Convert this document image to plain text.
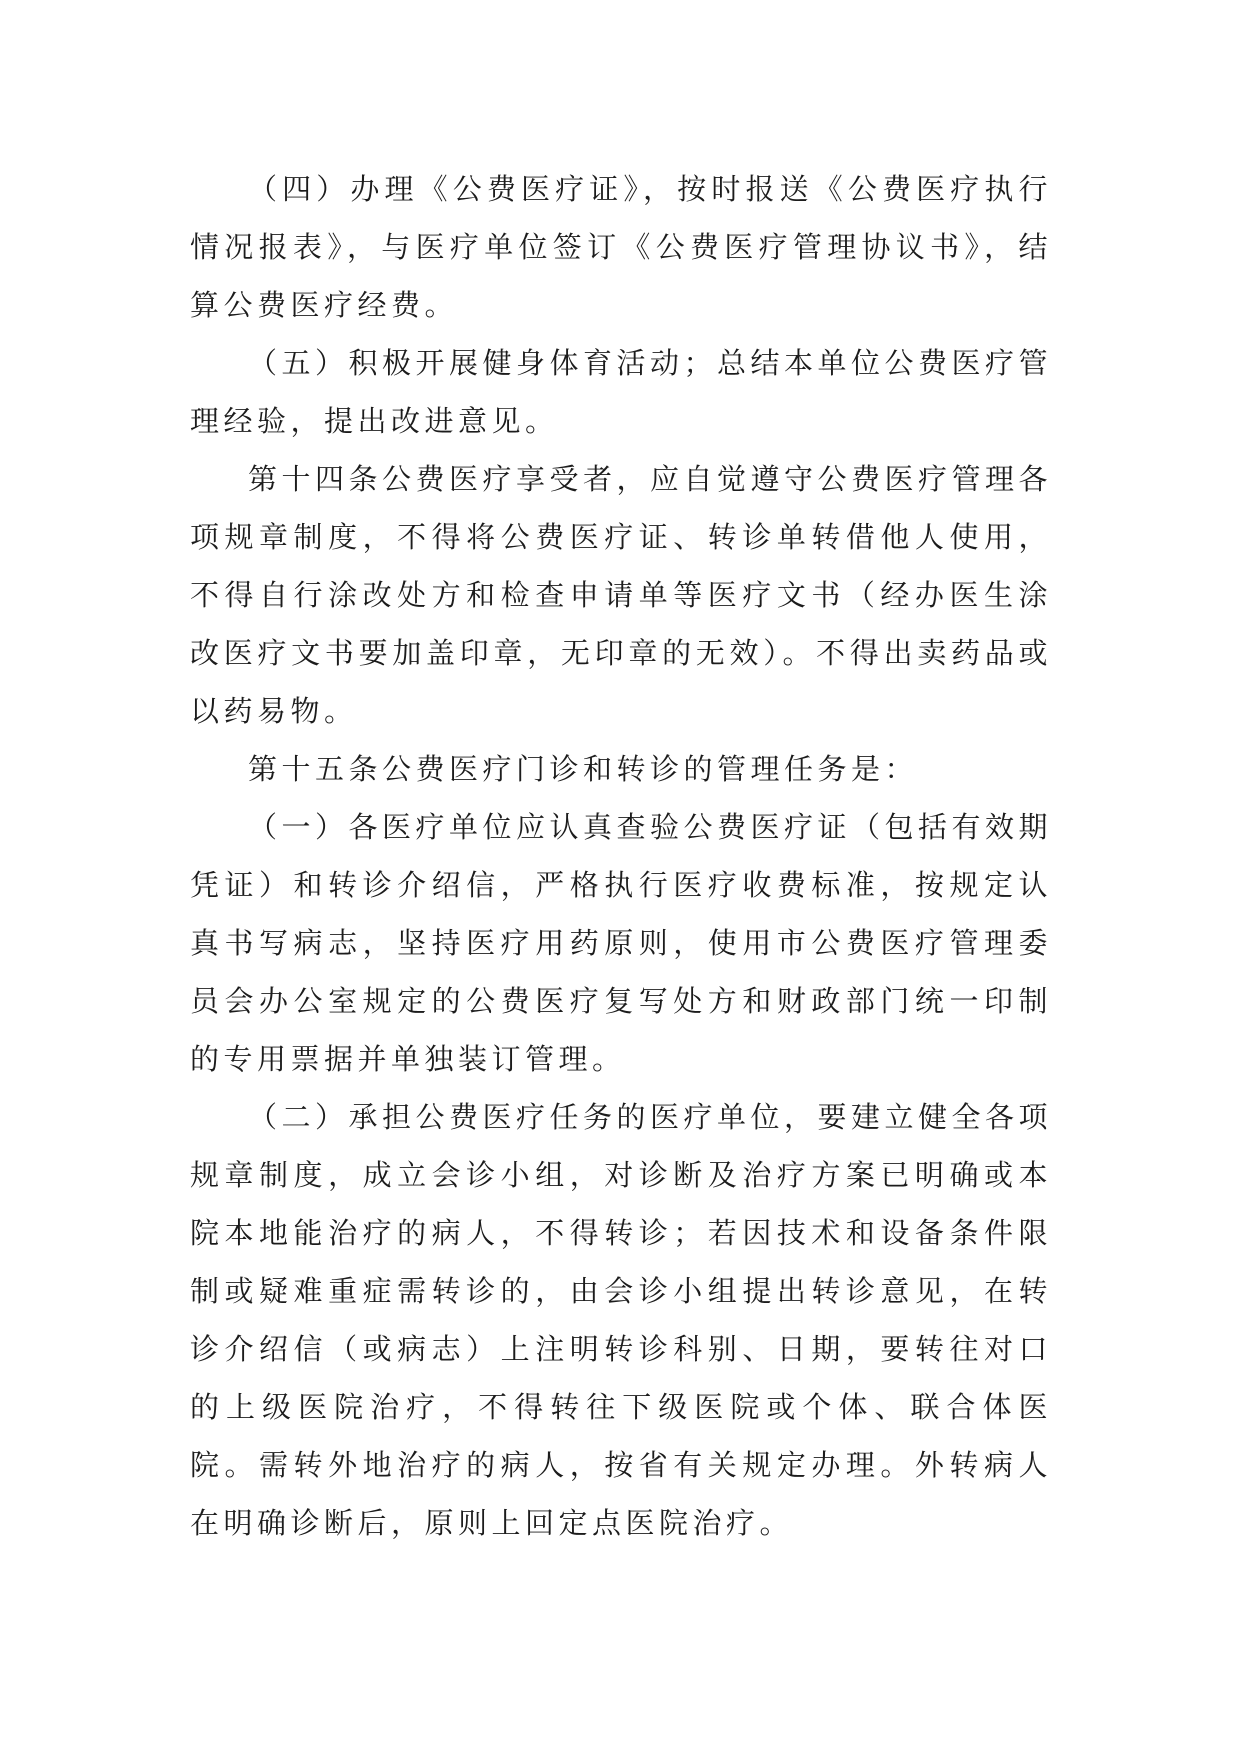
（四）办理《公费医疗证》，按时报送《公费医疗执行情况报表》，与医疗单位签订《公费医疗管理协议书》，结算公费医疗经费。

（五）积极开展健身体育活动；总结本单位公费医疗管理经验，提出改进意见。

第十四条公费医疗享受者，应自觉遵守公费医疗管理各项规章制度，不得将公费医疗证、转诊单转借他人使用，不得自行涂改处方和检查申请单等医疗文书（经办医生涂改医疗文书要加盖印章，无印章的无效）。不得出卖药品或以药易物。

第十五条公费医疗门诊和转诊的管理任务是：

（一）各医疗单位应认真查验公费医疗证（包括有效期凭证）和转诊介绍信，严格执行医疗收费标准，按规定认真书写病志，坚持医疗用药原则，使用市公费医疗管理委员会办公室规定的公费医疗复写处方和财政部门统一印制的专用票据并单独装订管理。

（二）承担公费医疗任务的医疗单位，要建立健全各项规章制度，成立会诊小组，对诊断及治疗方案已明确或本院本地能治疗的病人，不得转诊；若因技术和设备条件限制或疑难重症需转诊的，由会诊小组提出转诊意见，在转诊介绍信（或病志）上注明转诊科别、日期，要转往对口的上级医院治疗，不得转往下级医院或个体、联合体医院。需转外地治疗的病人，按省有关规定办理。外转病人在明确诊断后，原则上回定点医院治疗。
